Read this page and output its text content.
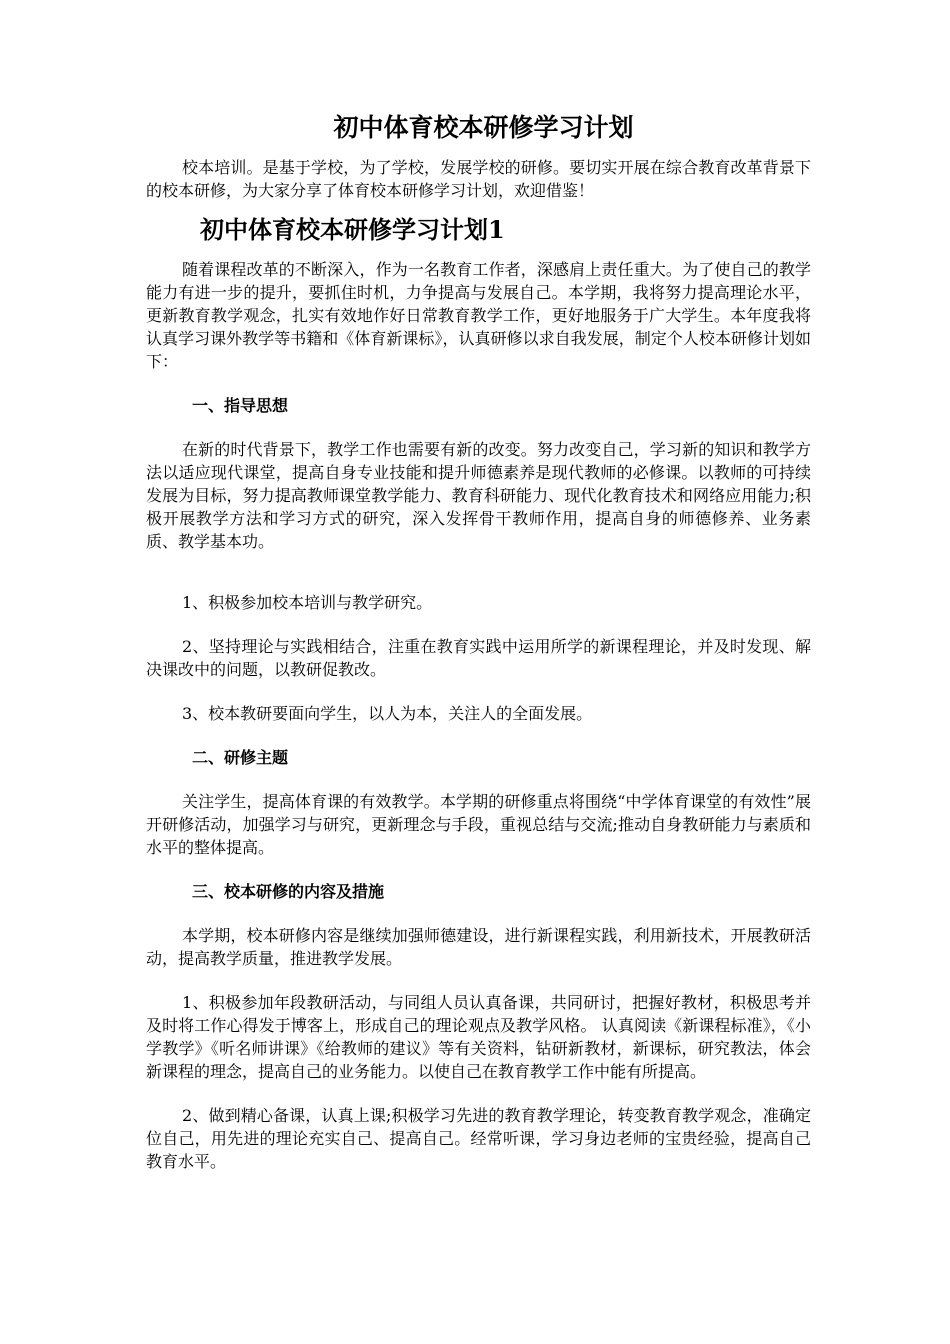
初中体育校本研修学习计划

校本培训。是基于学校，为了学校，发展学校的研修。要切实开展在综合教育改革背景下的校本研修，为大家分享了体育校本研修学习计划，欢迎借鉴！

初中体育校本研修学习计划1

随着课程改革的不断深入，作为一名教育工作者，深感肩上责任重大。为了使自己的教学能力有进一步的提升，要抓住时机，力争提高与发展自己。本学期，我将努力提高理论水平，更新教育教学观念，扎实有效地作好日常教育教学工作，更好地服务于广大学生。本年度我将认真学习课外教学等书籍和《体育新课标》，认真研修以求自我发展，制定个人校本研修计划如下：

一、指导思想

在新的时代背景下，教学工作也需要有新的改变。努力改变自己，学习新的知识和教学方法以适应现代课堂，提高自身专业技能和提升师德素养是现代教师的必修课。以教师的可持续发展为目标，努力提高教师课堂教学能力、教育科研能力、现代化教育技术和网络应用能力;积极开展教学方法和学习方式的研究，深入发挥骨干教师作用，提高自身的师德修养、业务素质、教学基本功。

1、积极参加校本培训与教学研究。

2、坚持理论与实践相结合，注重在教育实践中运用所学的新课程理论，并及时发现、解决课改中的问题，以教研促教改。

3、校本教研要面向学生，以人为本，关注人的全面发展。

二、研修主题

关注学生，提高体育课的有效教学。本学期的研修重点将围绕“中学体育课堂的有效性”展开研修活动，加强学习与研究，更新理念与手段，重视总结与交流;推动自身教研能力与素质和水平的整体提高。

三、校本研修的内容及措施

本学期，校本研修内容是继续加强师德建设，进行新课程实践，利用新技术，开展教研活动，提高教学质量，推进教学发展。

1、积极参加年段教研活动，与同组人员认真备课，共同研讨，把握好教材，积极思考并及时将工作心得发于博客上，形成自己的理论观点及教学风格。 认真阅读《新课程标准》，《小学教学》《听名师讲课》《给教师的建议》等有关资料，钻研新教材，新课标，研究教法，体会新课程的理念，提高自己的业务能力。以使自己在教育教学工作中能有所提高。

2、做到精心备课，认真上课;积极学习先进的教育教学理论，转变教育教学观念，准确定位自己，用先进的理论充实自己、提高自己。经常听课，学习身边老师的宝贵经验，提高自己教育水平。
